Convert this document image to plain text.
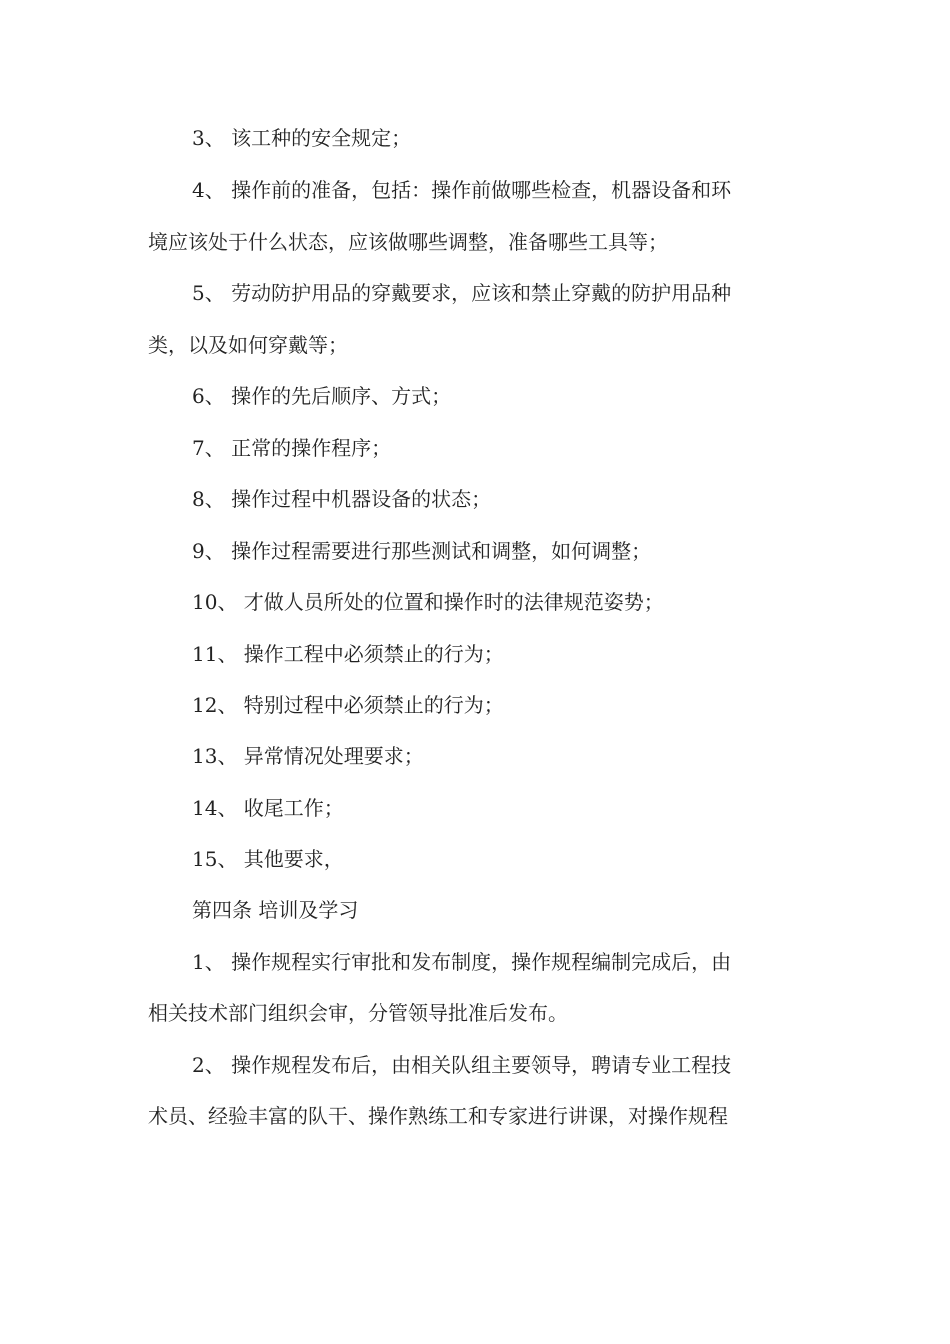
3、 该工种的安全规定；
4、 操作前的准备，包括：操作前做哪些检查，机器设备和环
境应该处于什么状态，应该做哪些调整，准备哪些工具等；
5、 劳动防护用品的穿戴要求，应该和禁止穿戴的防护用品种
类，以及如何穿戴等；
6、 操作的先后顺序、方式；
7、 正常的操作程序；
8、 操作过程中机器设备的状态；
9、 操作过程需要进行那些测试和调整，如何调整；
10、 才做人员所处的位置和操作时的法律规范姿势；
11、 操作工程中必须禁止的行为；
12、 特别过程中必须禁止的行为；
13、 异常情况处理要求；
14、 收尾工作；
15、 其他要求，
第四条 培训及学习
1、 操作规程实行审批和发布制度，操作规程编制完成后，由
相关技术部门组织会审，分管领导批准后发布。
2、 操作规程发布后，由相关队组主要领导，聘请专业工程技
术员、经验丰富的队干、操作熟练工和专家进行讲课，对操作规程
